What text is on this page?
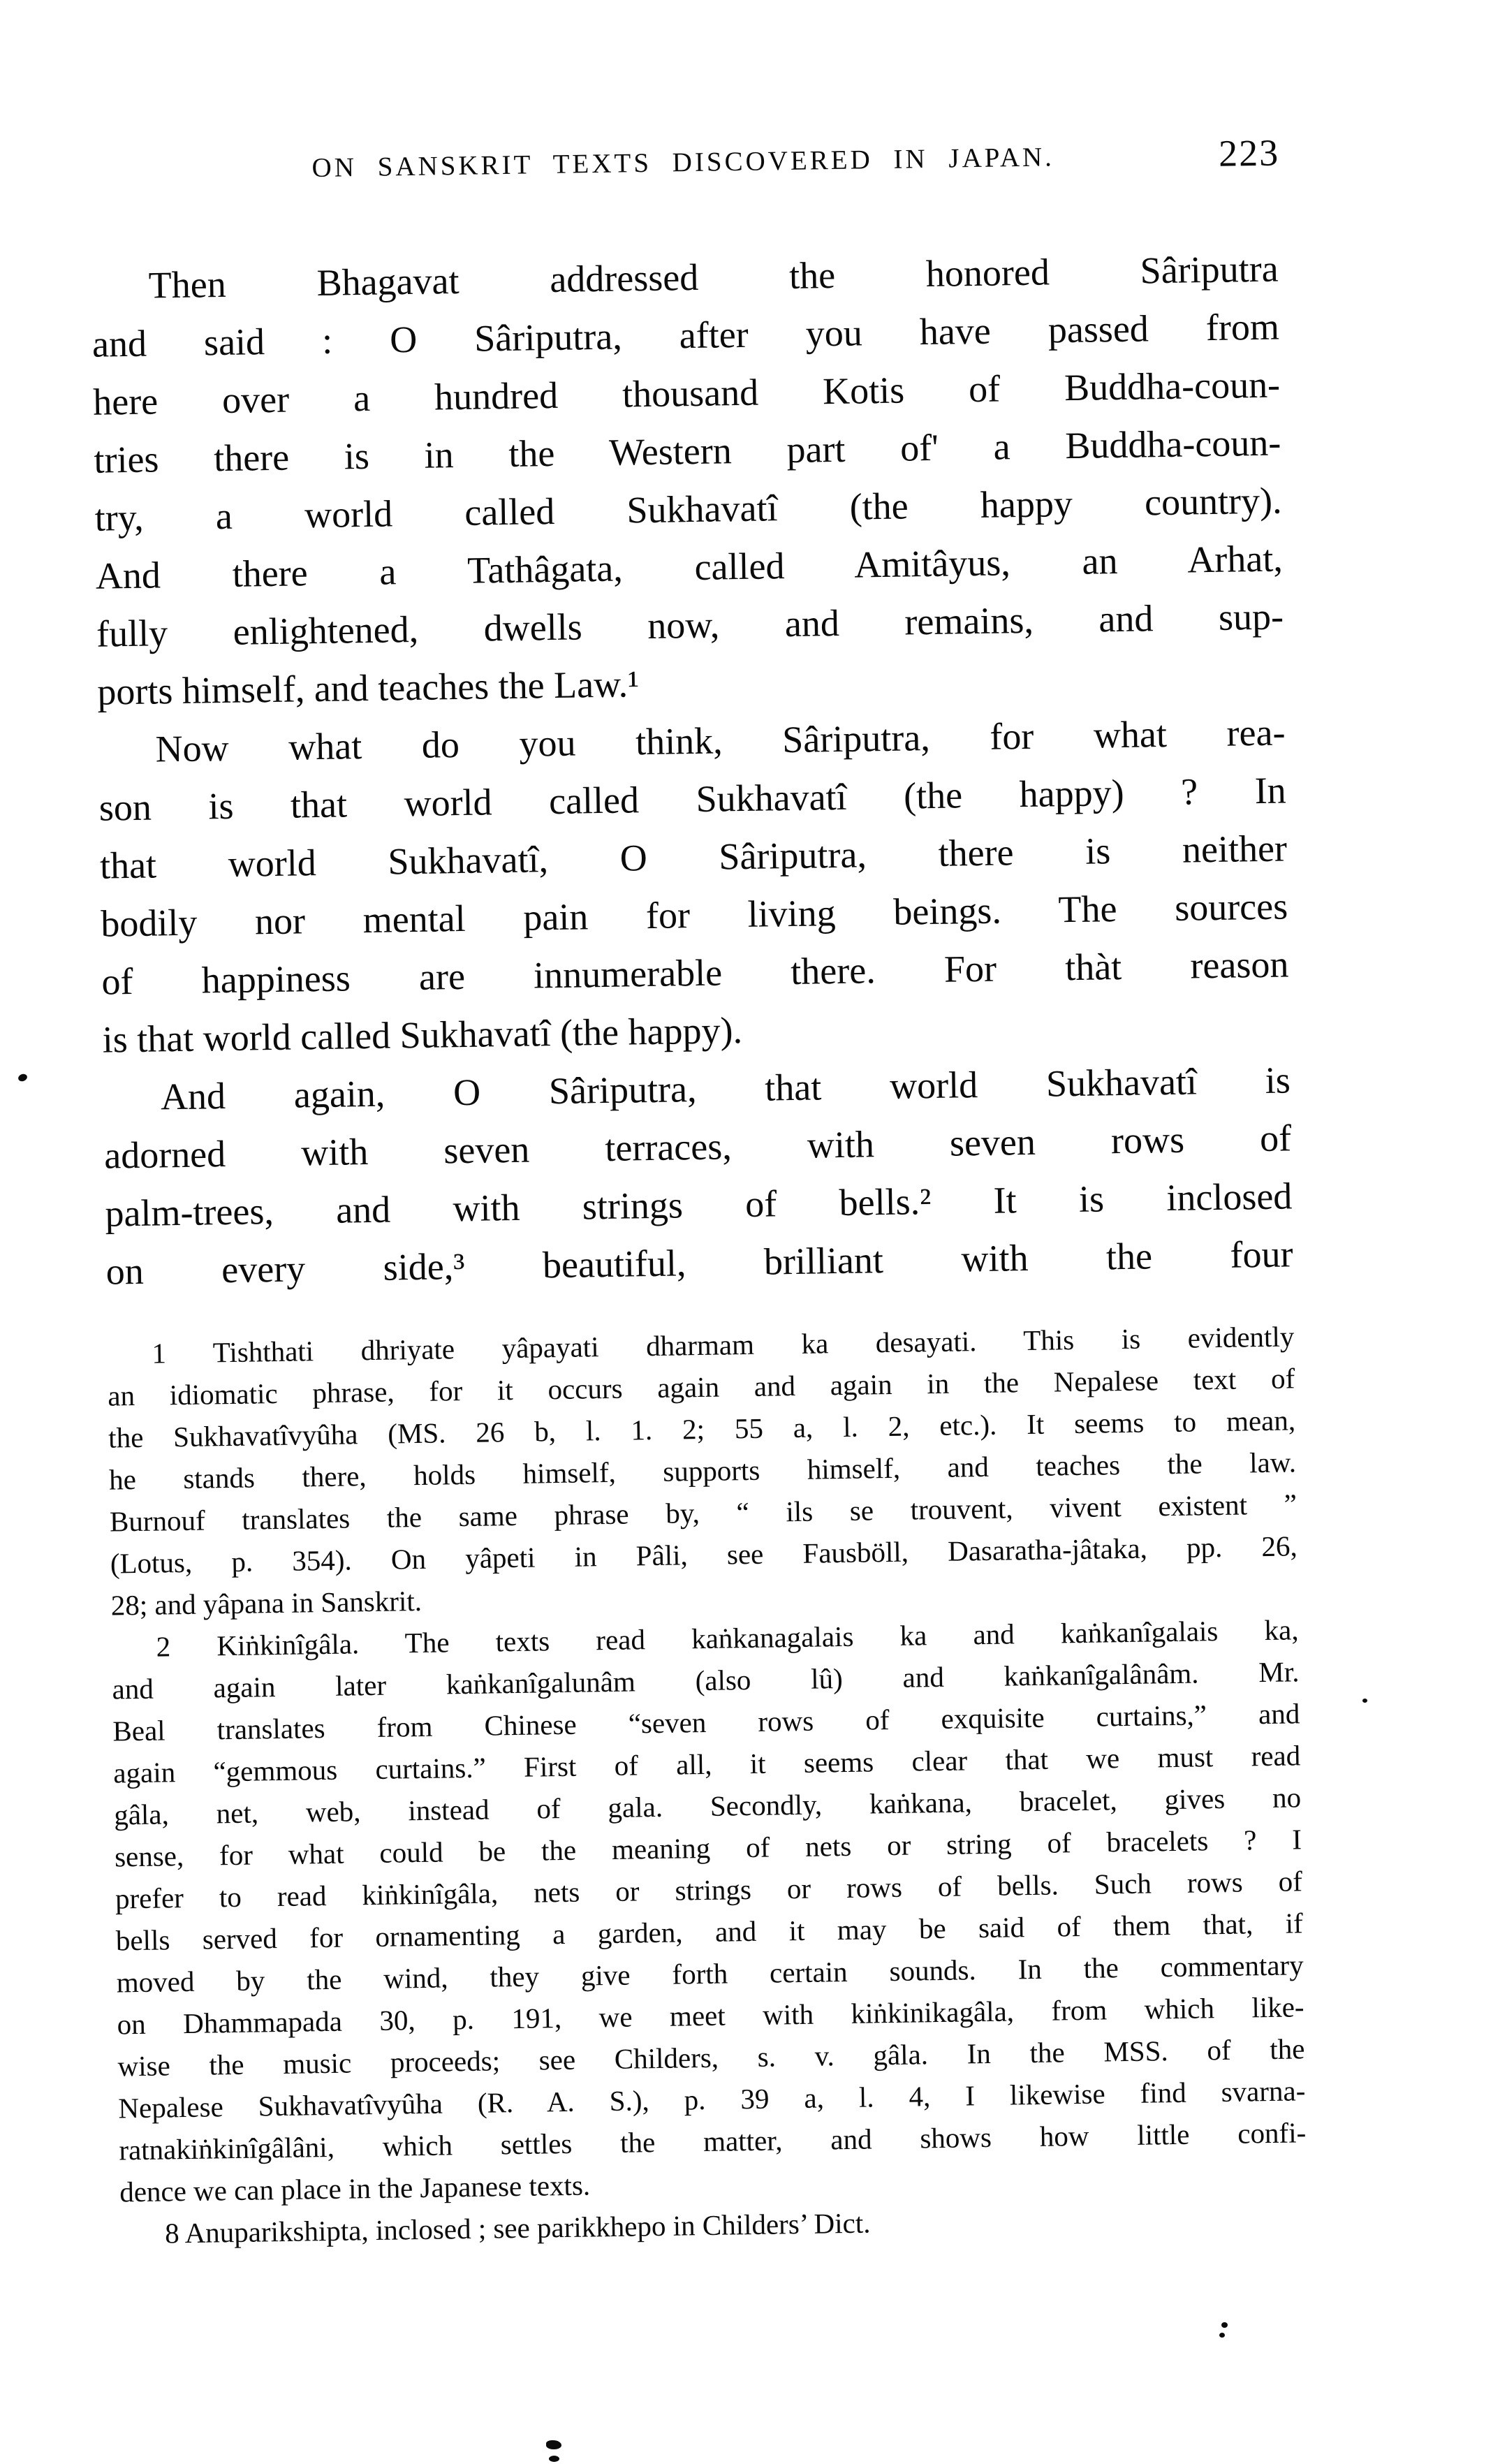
ON SANSKRIT TEXTS DISCOVERED IN JAPAN.	223
Then Bhagavat addressed the honored Sâriputra
and said : O Sâriputra, after you have passed from
here over a hundred thousand Kotis of Buddha-coun-
tries there is in the Western part of' a Buddha-coun-
try, a world called Sukhavatî (the happy country).
And there a Tathâgata, called Amitâyus, an Arhat,
fully enlightened, dwells now, and remains, and sup-
ports himself, and teaches the Law.¹
Now what do you think, Sâriputra, for what rea-
son is that world called Sukhavatî (the happy) ? In
that world Sukhavatî, O Sâriputra, there is neither
bodily nor mental pain for living beings. The sources
of happiness are innumerable there. For thàt reason
is that world called Sukhavatî (the happy).
And again, O Sâriputra, that world Sukhavatî is
adorned with seven terraces, with seven rows of
palm-trees, and with strings of bells.² It is inclosed
on every side,³ beautiful, brilliant with the four
1 Tishthati dhriyate yâpayati dharmam ka desayati. This is evidently
an idiomatic phrase, for it occurs again and again in the Nepalese text of
the Sukhavatîvyûha (MS. 26 b, l. 1. 2; 55 a, l. 2, etc.). It seems to mean,
he stands there, holds himself, supports himself, and teaches the law.
Burnouf translates the same phrase by, “ ils se trouvent, vivent existent ”
(Lotus, p. 354). On yâpeti in Pâli, see Fausböll, Dasaratha-jâtaka, pp. 26,
28; and yâpana in Sanskrit.
2 Kiṅkinîgâla. The texts read kaṅkanagalais ka and kaṅkanîgalais ka,
and again later kaṅkanîgalunâm (also lû) and kaṅkanîgalânâm. Mr.
Beal translates from Chinese “seven rows of exquisite curtains,” and
again “gemmous curtains.” First of all, it seems clear that we must read
gâla, net, web, instead of gala. Secondly, kaṅkana, bracelet, gives no
sense, for what could be the meaning of nets or string of bracelets ? I
prefer to read kiṅkinîgâla, nets or strings or rows of bells. Such rows of
bells served for ornamenting a garden, and it may be said of them that, if
moved by the wind, they give forth certain sounds. In the commentary
on Dhammapada 30, p. 191, we meet with kiṅkinikagâla, from which like-
wise the music proceeds; see Childers, s. v. gâla. In the MSS. of the
Nepalese Sukhavatîvyûha (R. A. S.), p. 39 a, l. 4, I likewise find svarna-
ratnakiṅkinîgâlâni, which settles the matter, and shows how little confi-
dence we can place in the Japanese texts.
8 Anuparikshipta, inclosed ; see parikkhepo in Childers’ Dict.
